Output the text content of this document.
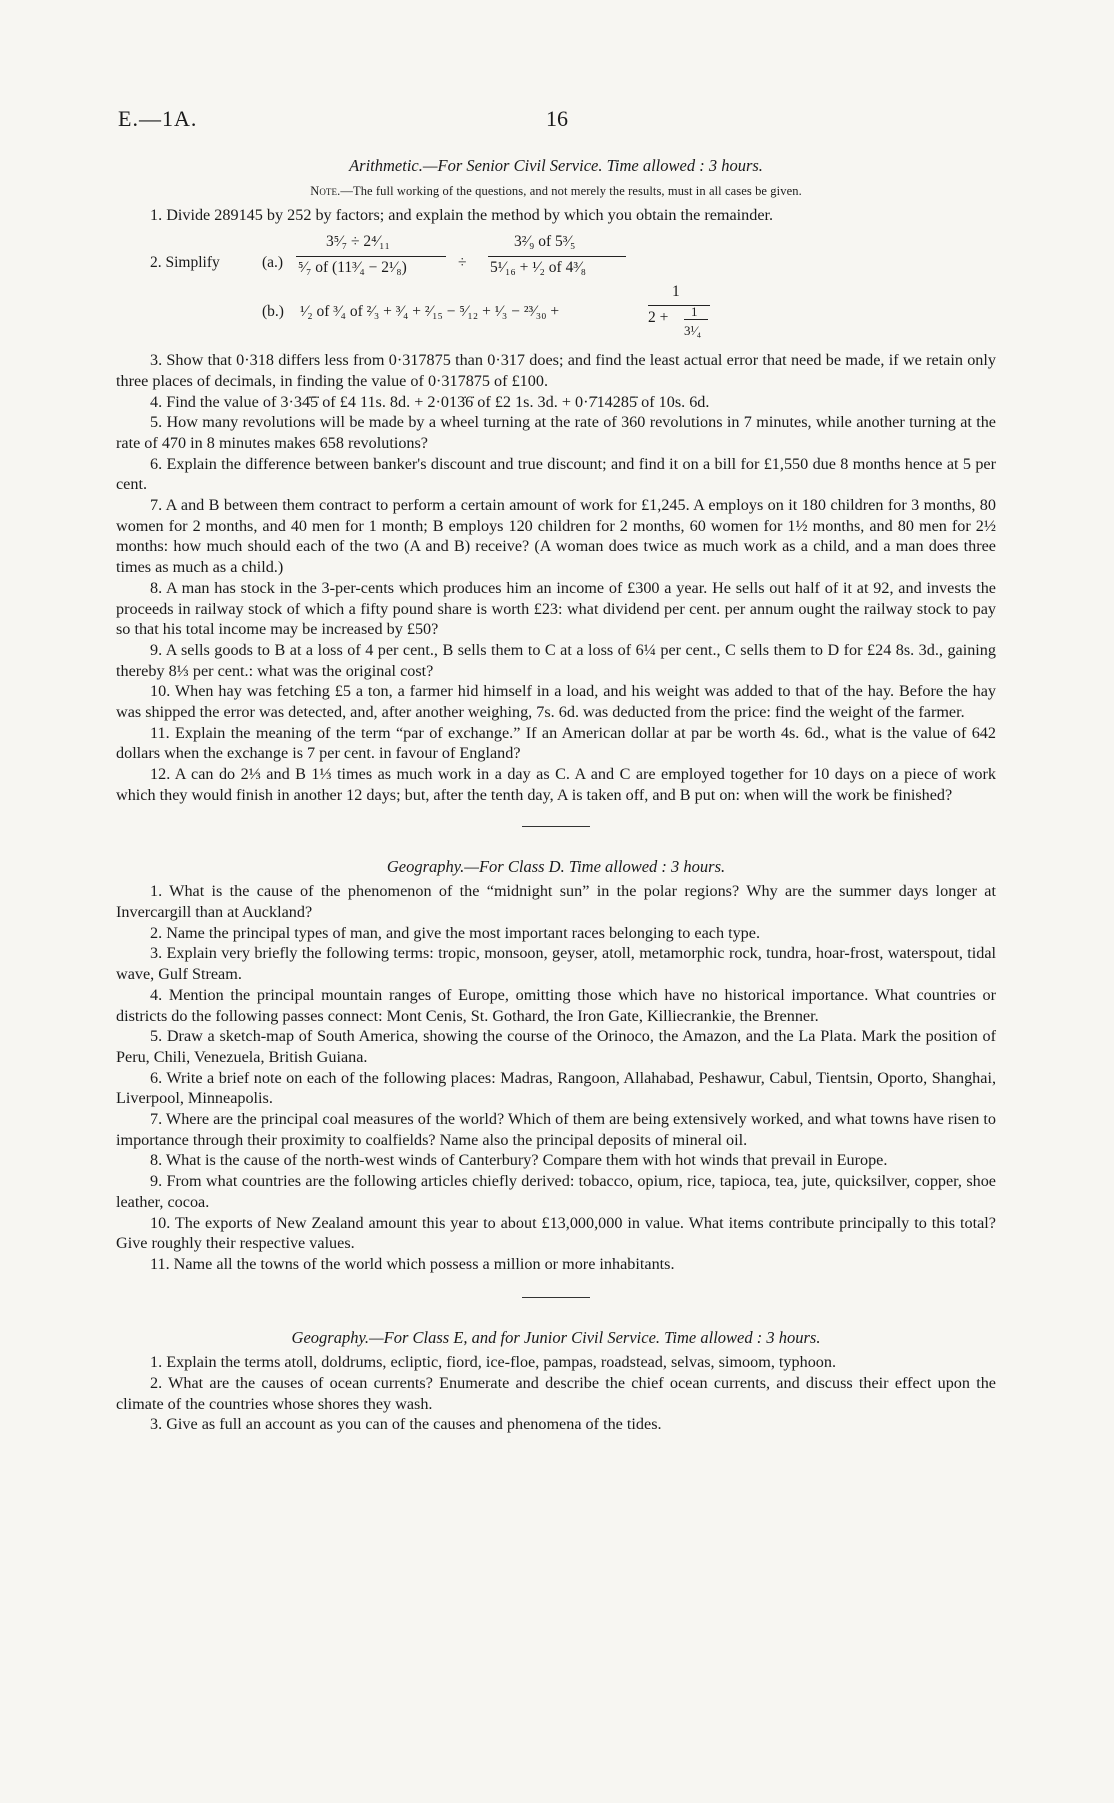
E.—1A.	16

Arithmetic.—For Senior Civil Service. Time allowed : 3 hours.

Note.—The full working of the questions, and not merely the results, must in all cases be given.

1. Divide 289145 by 252 by factors; and explain the method by which you obtain the remainder.

2. Simplify	(a.)
3⁵⁄₇ ÷ 2⁴⁄₁₁
⁵⁄₇ of (11³⁄₄ − 2¹⁄₈)	÷
3²⁄₉ of 5³⁄₅
5¹⁄₁₆ + ¹⁄₂ of 4³⁄₈
(b.) ¹⁄₂ of ³⁄₄ of ²⁄₃ + ³⁄₄ + ²⁄₁₅ − ⁵⁄₁₂ + ¹⁄₃ − ²³⁄₃₀ +
1
2 + 1
3¹⁄₄

3. Show that 0·318 differs less from 0·317875 than 0·317 does; and find the least actual error that need be made, if we retain only three places of decimals, in finding the value of 0·317875 of £100.

4. Find the value of 3·34̇5̇ of £4 11s. 8d. + 2·013̇6̇ of £2 1s. 3d. + 0·7̇14285̇ of 10s. 6d.

5. How many revolutions will be made by a wheel turning at the rate of 360 revolutions in 7 minutes, while another turning at the rate of 470 in 8 minutes makes 658 revolutions?

6. Explain the difference between banker's discount and true discount; and find it on a bill for £1,550 due 8 months hence at 5 per cent.

7. A and B between them contract to perform a certain amount of work for £1,245. A employs on it 180 children for 3 months, 80 women for 2 months, and 40 men for 1 month; B employs 120 children for 2 months, 60 women for 1½ months, and 80 men for 2½ months: how much should each of the two (A and B) receive? (A woman does twice as much work as a child, and a man does three times as much as a child.)

8. A man has stock in the 3-per-cents which produces him an income of £300 a year. He sells out half of it at 92, and invests the proceeds in railway stock of which a fifty pound share is worth £23: what dividend per cent. per annum ought the railway stock to pay so that his total income may be increased by £50?

9. A sells goods to B at a loss of 4 per cent., B sells them to C at a loss of 6¼ per cent., C sells them to D for £24 8s. 3d., gaining thereby 8⅓ per cent.: what was the original cost?

10. When hay was fetching £5 a ton, a farmer hid himself in a load, and his weight was added to that of the hay. Before the hay was shipped the error was detected, and, after another weighing, 7s. 6d. was deducted from the price: find the weight of the farmer.

11. Explain the meaning of the term “par of exchange.” If an American dollar at par be worth 4s. 6d., what is the value of 642 dollars when the exchange is 7 per cent. in favour of England?

12. A can do 2⅓ and B 1⅓ times as much work in a day as C. A and C are employed together for 10 days on a piece of work which they would finish in another 12 days; but, after the tenth day, A is taken off, and B put on: when will the work be finished?

Geography.—For Class D. Time allowed : 3 hours.

1. What is the cause of the phenomenon of the “midnight sun” in the polar regions? Why are the summer days longer at Invercargill than at Auckland?

2. Name the principal types of man, and give the most important races belonging to each type.

3. Explain very briefly the following terms: tropic, monsoon, geyser, atoll, metamorphic rock, tundra, hoar-frost, waterspout, tidal wave, Gulf Stream.

4. Mention the principal mountain ranges of Europe, omitting those which have no historical importance. What countries or districts do the following passes connect: Mont Cenis, St. Gothard, the Iron Gate, Killiecrankie, the Brenner.

5. Draw a sketch-map of South America, showing the course of the Orinoco, the Amazon, and the La Plata. Mark the position of Peru, Chili, Venezuela, British Guiana.

6. Write a brief note on each of the following places: Madras, Rangoon, Allahabad, Peshawur, Cabul, Tientsin, Oporto, Shanghai, Liverpool, Minneapolis.

7. Where are the principal coal measures of the world? Which of them are being extensively worked, and what towns have risen to importance through their proximity to coalfields? Name also the principal deposits of mineral oil.

8. What is the cause of the north-west winds of Canterbury? Compare them with hot winds that prevail in Europe.

9. From what countries are the following articles chiefly derived: tobacco, opium, rice, tapioca, tea, jute, quicksilver, copper, shoe leather, cocoa.

10. The exports of New Zealand amount this year to about £13,000,000 in value. What items contribute principally to this total? Give roughly their respective values.

11. Name all the towns of the world which possess a million or more inhabitants.

Geography.—For Class E, and for Junior Civil Service. Time allowed : 3 hours.

1. Explain the terms atoll, doldrums, ecliptic, fiord, ice-floe, pampas, roadstead, selvas, simoom, typhoon.

2. What are the causes of ocean currents? Enumerate and describe the chief ocean currents, and discuss their effect upon the climate of the countries whose shores they wash.

3. Give as full an account as you can of the causes and phenomena of the tides.
